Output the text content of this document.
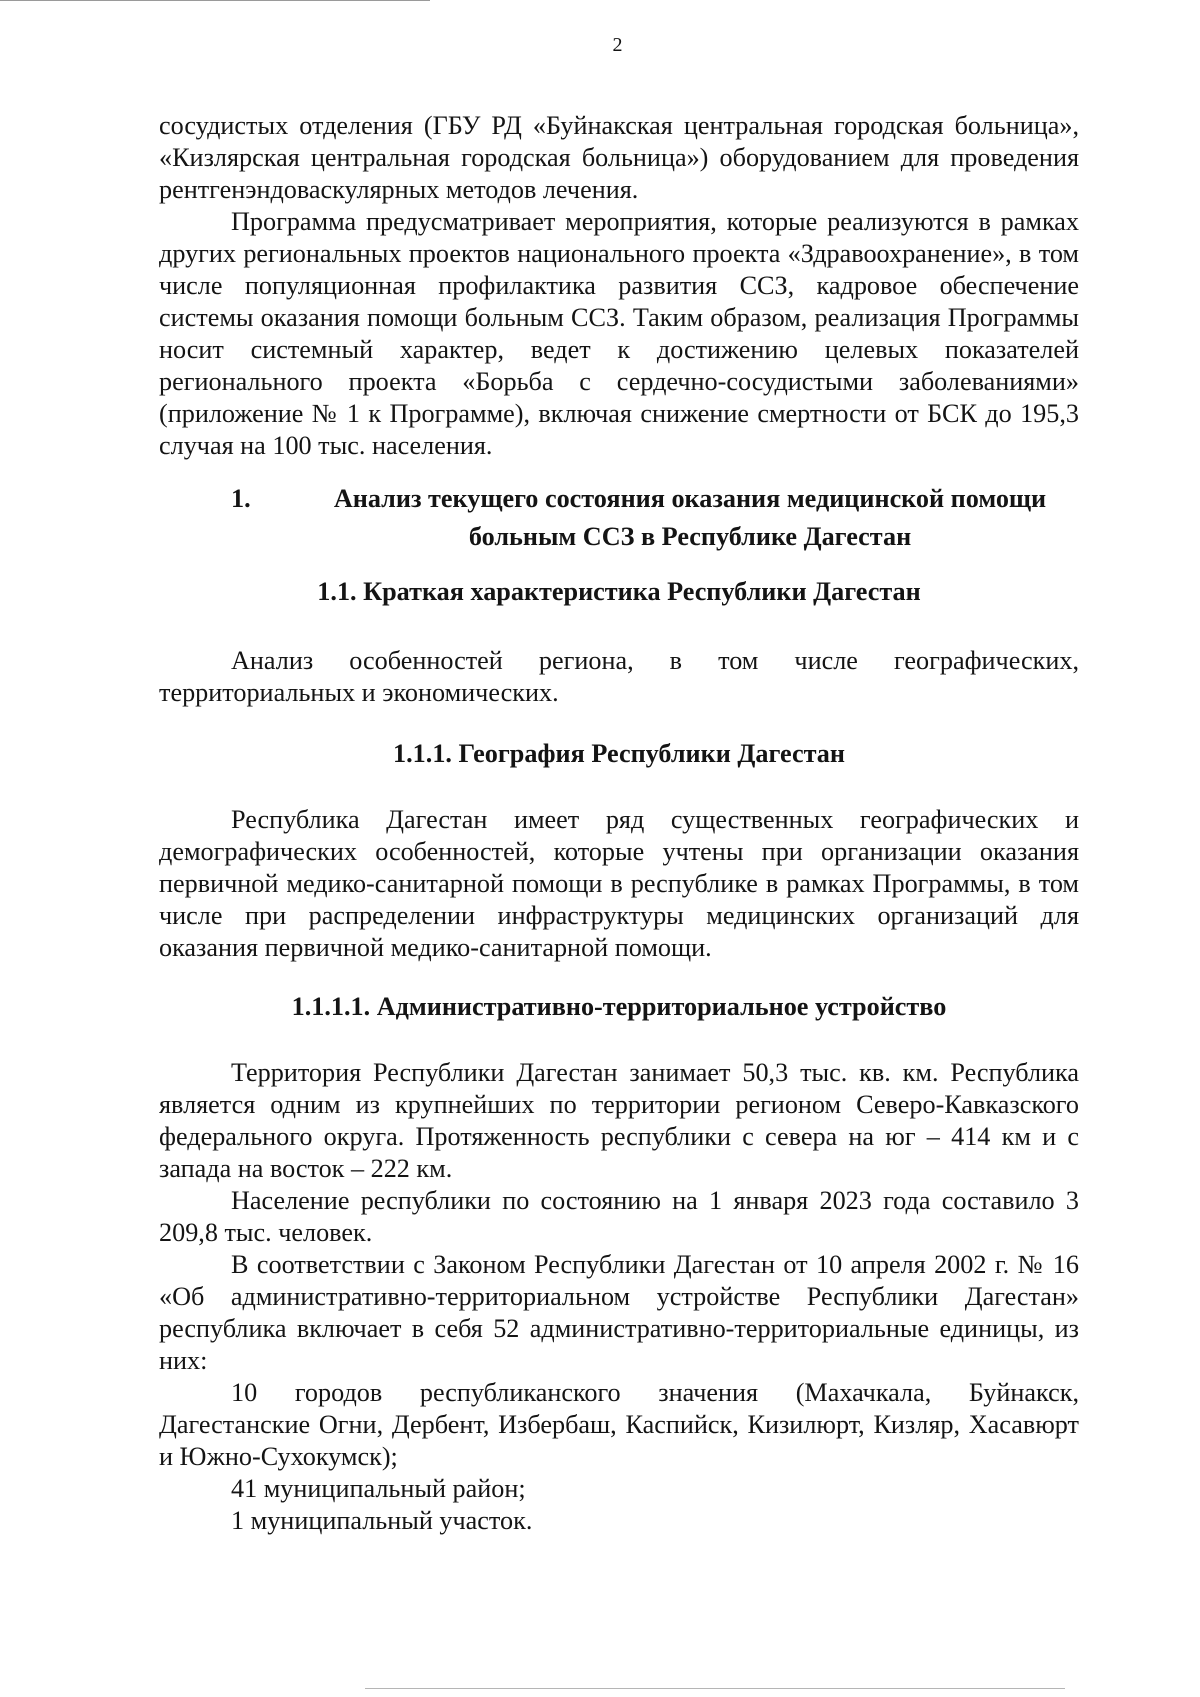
2

сосудистых отделения (ГБУ РД «Буйнакская центральная городская больница», «Кизлярская центральная городская больница») оборудованием для проведения рентгенэндоваскулярных методов лечения.

Программа предусматривает мероприятия, которые реализуются в рамках других региональных проектов национального проекта «Здравоохранение», в том числе популяционная профилактика развития ССЗ, кадровое обеспечение системы оказания помощи больным ССЗ. Таким образом, реализация Программы носит системный характер, ведет к достижению целевых показателей регионального проекта «Борьба с сердечно-сосудистыми заболеваниями» (приложение № 1 к Программе), включая снижение смертности от БСК до 195,3 случая на 100 тыс. населения.

1.	Анализ текущего состояния оказания медицинской помощи больным ССЗ в Республике Дагестан
1.1. Краткая характеристика Республики Дагестан

Анализ особенностей региона, в том числе географических, территориальных и экономических.

1.1.1. География Республики Дагестан

Республика Дагестан имеет ряд существенных географических и демографических особенностей, которые учтены при организации оказания первичной медико-санитарной помощи в республике в рамках Программы, в том числе при распределении инфраструктуры медицинских организаций для оказания первичной медико-санитарной помощи.

1.1.1.1. Административно-территориальное устройство

Территория Республики Дагестан занимает 50,3 тыс. кв. км. Республика является одним из крупнейших по территории регионом Северо-Кавказского федерального округа. Протяженность республики с севера на юг – 414 км и с запада на восток – 222 км.

Население республики по состоянию на 1 января 2023 года составило 3 209,8 тыс. человек.

В соответствии с Законом Республики Дагестан от 10 апреля 2002 г. № 16 «Об административно-территориальном устройстве Республики Дагестан» республика включает в себя 52 административно-территориальные единицы, из них:

10 городов республиканского значения (Махачкала, Буйнакск, Дагестанские Огни, Дербент, Избербаш, Каспийск, Кизилюрт, Кизляр, Хасавюрт и Южно-Сухокумск);

41 муниципальный район;

1 муниципальный участок.
